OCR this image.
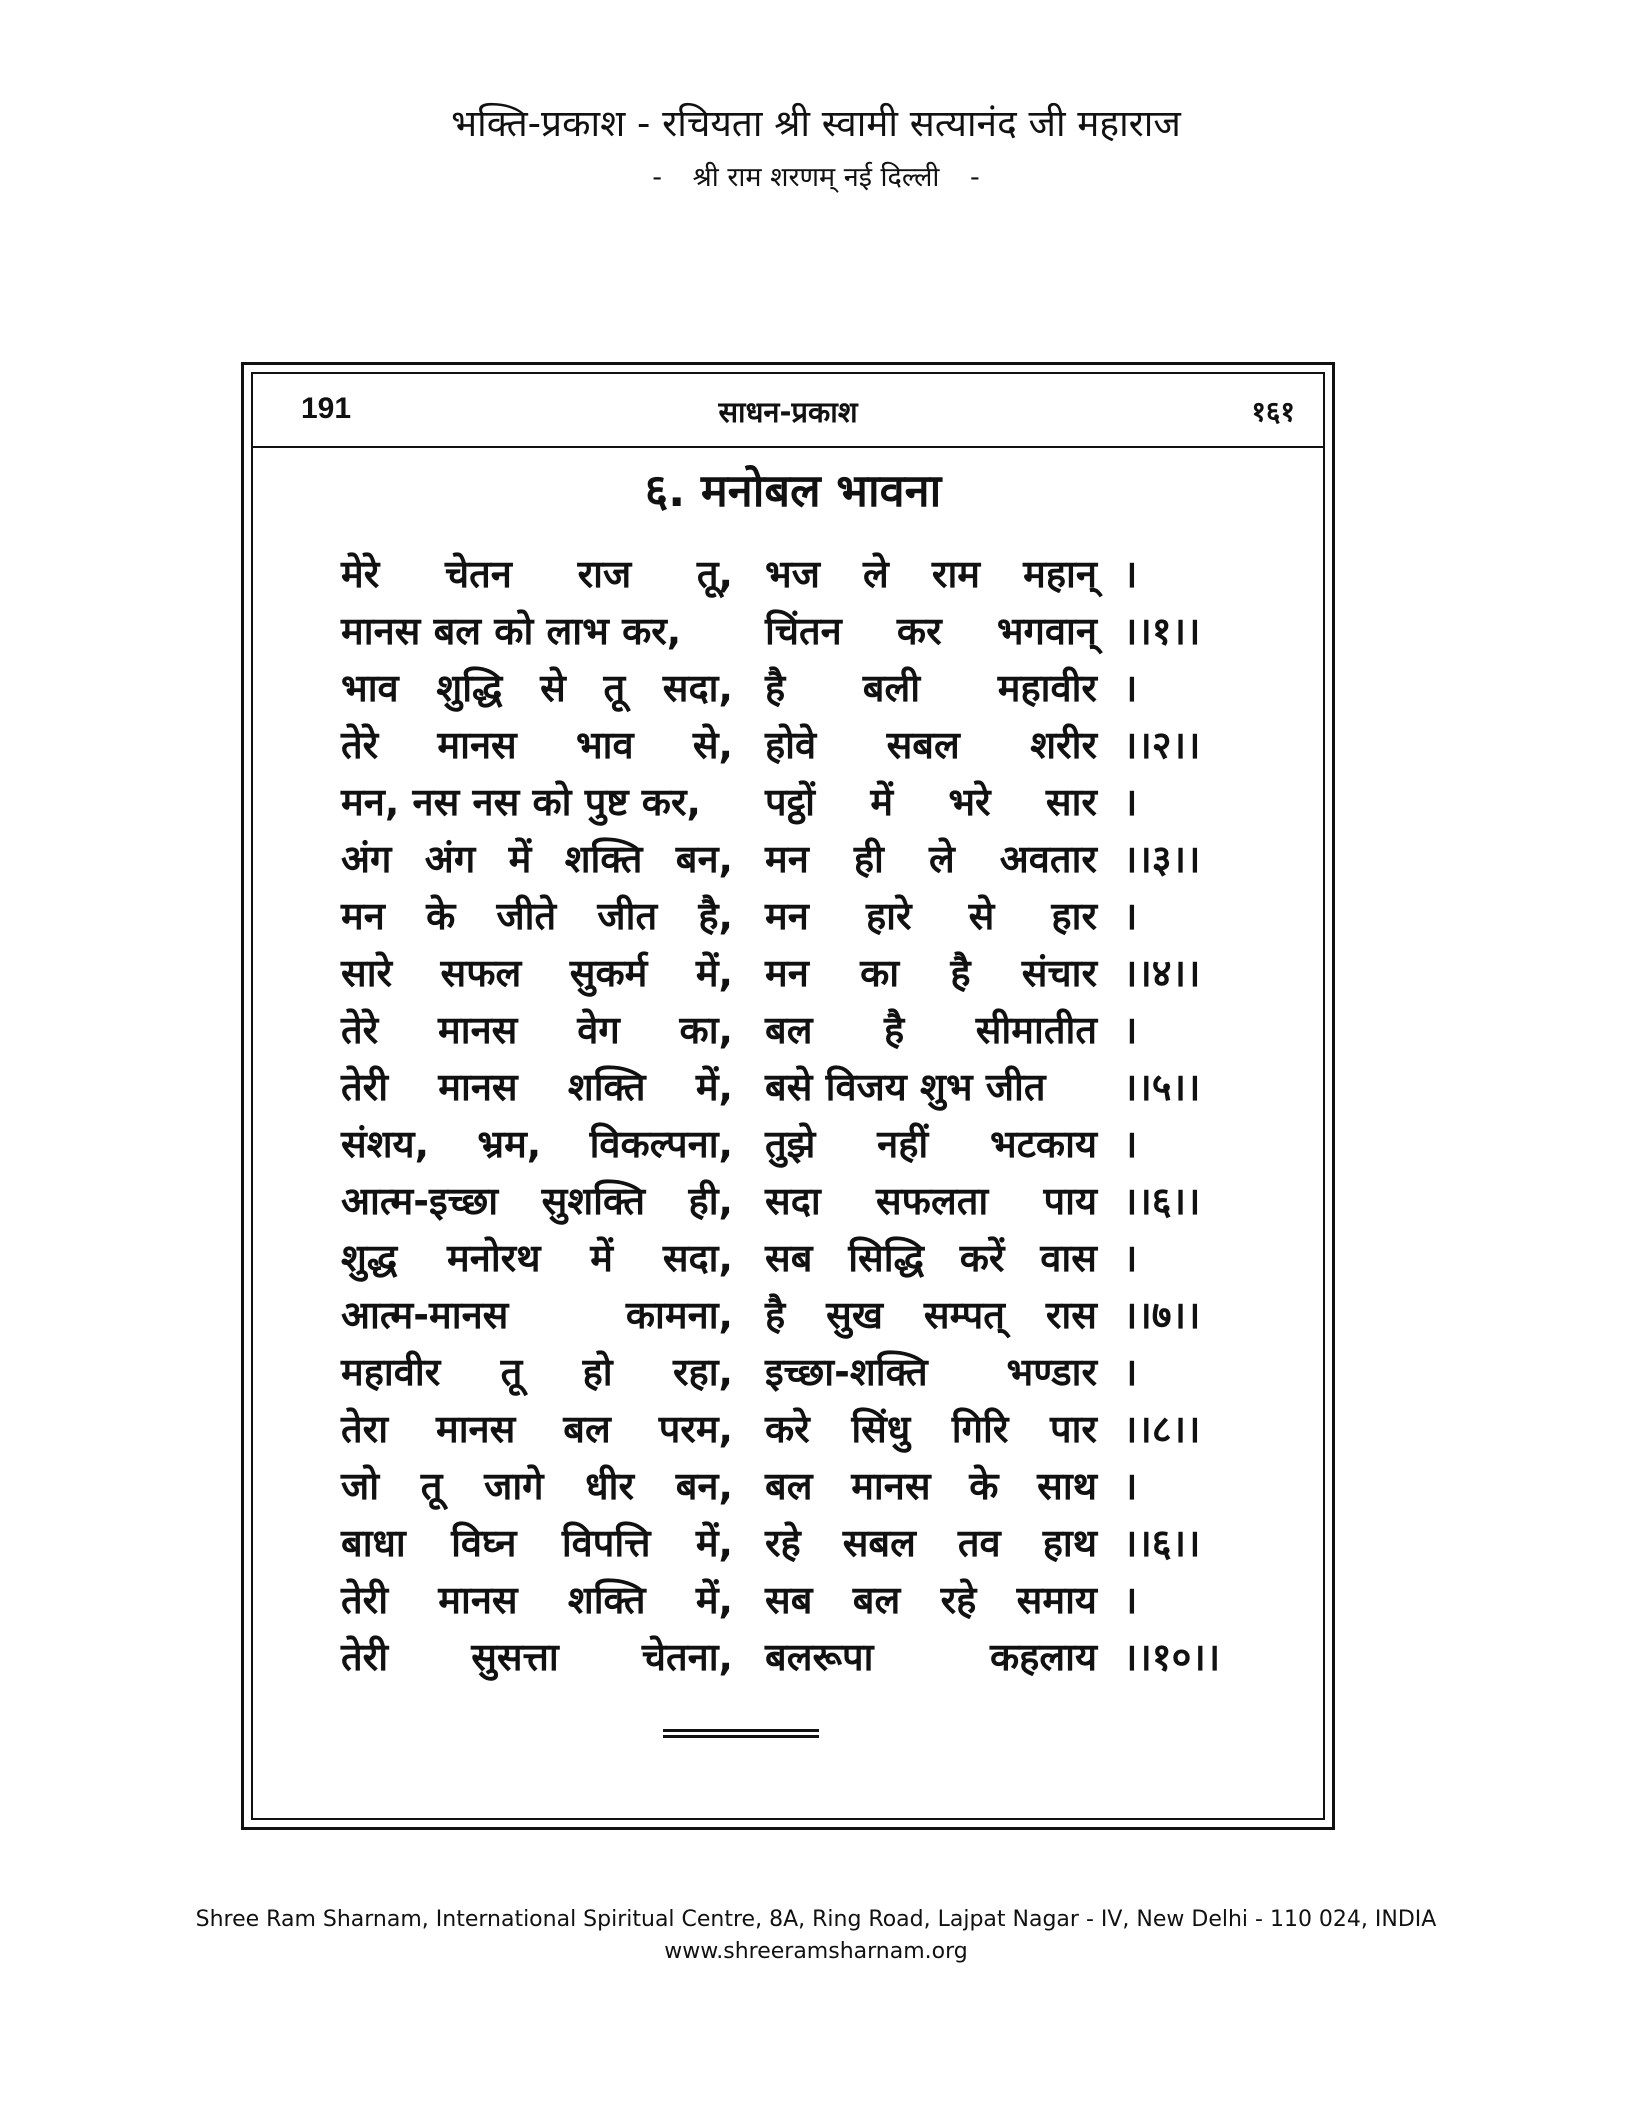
भक्ति-प्रकाश - रचियता श्री स्वामी सत्यानंद जी महाराज
- श्री राम शरणम् नई दिल्ली -
191	साधन-प्रकाश	१६१
६. मनोबल भावना
मेरे चेतन राज तू, भज ले राम महान् ।
मानस बल को लाभ कर, चिंतन कर भगवान् ।।१।।
भाव शुद्धि से तू सदा, है बली महावीर ।
तेरे मानस भाव से, होवे सबल शरीर ।।२।।
मन, नस नस को पुष्ट कर, पट्ठों में भरे सार ।
अंग अंग में शक्ति बन, मन ही ले अवतार ।।३।।
मन के जीते जीत है, मन हारे से हार ।
सारे सफल सुकर्म में, मन का है संचार ।।४।।
तेरे मानस वेग का, बल है सीमातीत ।
तेरी मानस शक्ति में, बसे विजय शुभ जीत ।।५।।
संशय, भ्रम, विकल्पना, तुझे नहीं भटकाय ।
आत्म-इच्छा सुशक्ति ही, सदा सफलता पाय ।।६।।
शुद्ध मनोरथ में सदा, सब सिद्धि करें वास ।
आत्म-मानस	कामना, है सुख सम्पत् रास ।।७।।
महावीर तू हो रहा, इच्छा-शक्ति भण्डार ।
तेरा मानस बल परम, करे सिंधु गिरि पार ।।८।।
जो तू जागे धीर बन, बल मानस के साथ ।
बाधा विघ्न विपत्ति में, रहे सबल तव हाथ ।।६।।
तेरी मानस शक्ति में, सब बल रहे समाय ।
तेरी सुसत्ता चेतना, बलरूपा	कहलाय ।।१०।।
Shree Ram Sharnam, International Spiritual Centre, 8A, Ring Road, Lajpat Nagar - IV, New Delhi - 110 024, INDIA
www.shreeramsharnam.org
